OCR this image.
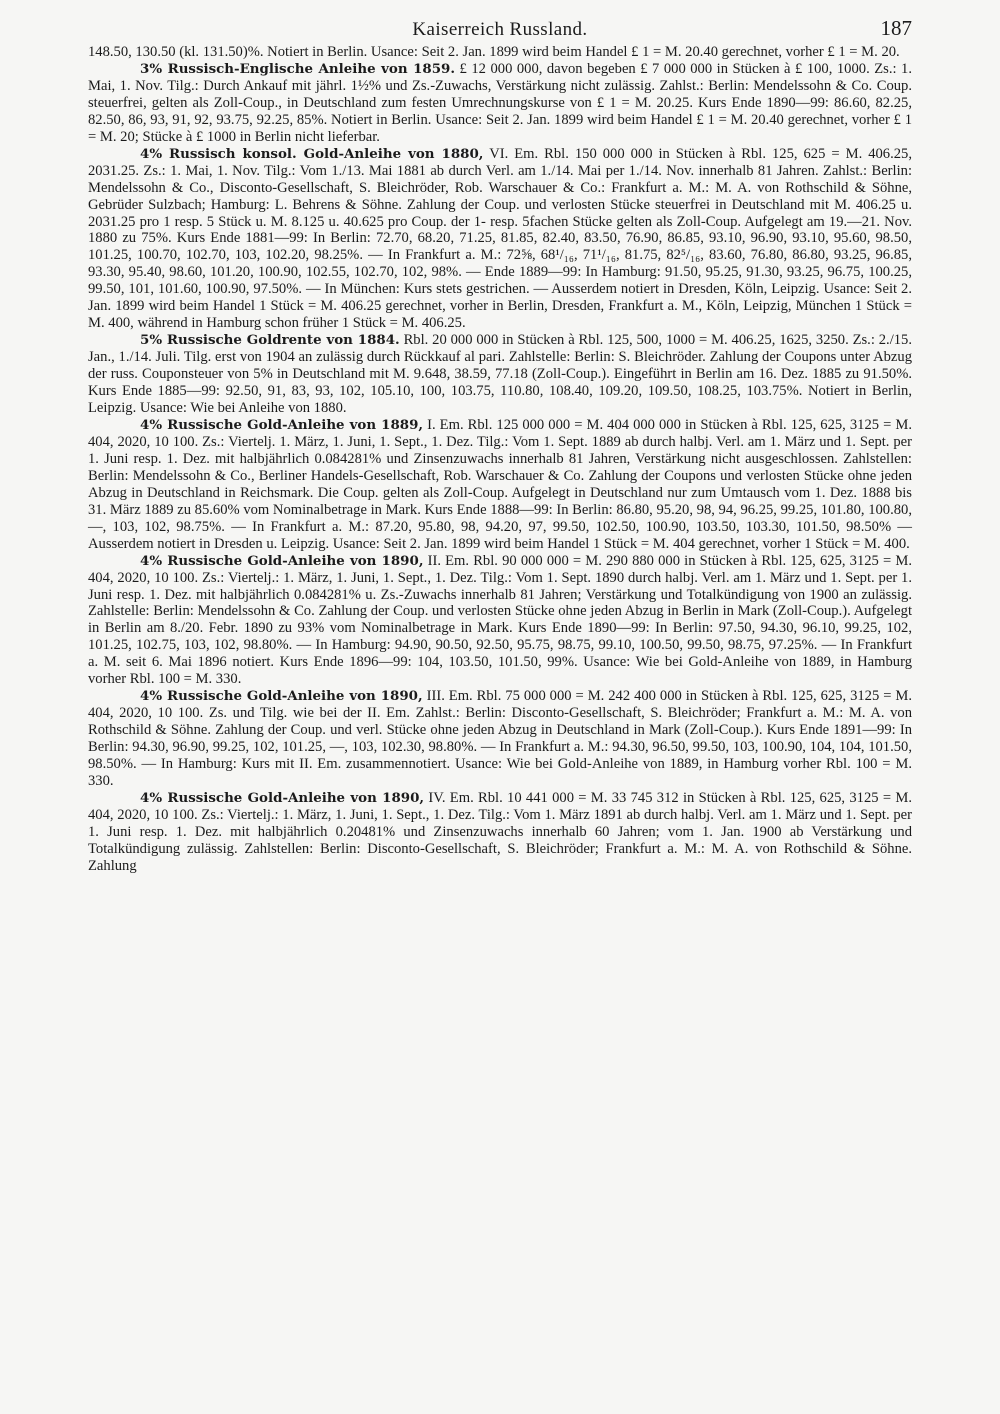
Kaiserreich Russland.	187

148.50, 130.50 (kl. 131.50)%. Notiert in Berlin. Usance: Seit 2. Jan. 1899 wird beim Handel £ 1 = M. 20.40 gerechnet, vorher £ 1 = M. 20.

3% Russisch-Englische Anleihe von 1859. £ 12 000 000, davon begeben £ 7 000 000 in Stücken à £ 100, 1000. Zs.: 1. Mai, 1. Nov. Tilg.: Durch Ankauf mit jährl. 1½% und Zs.-Zuwachs, Verstärkung nicht zulässig. Zahlst.: Berlin: Mendelssohn & Co. Coup. steuerfrei, gelten als Zoll-Coup., in Deutschland zum festen Umrechnungskurse von £ 1 = M. 20.25. Kurs Ende 1890—99: 86.60, 82.25, 82.50, 86, 93, 91, 92, 93.75, 92.25, 85%. Notiert in Berlin. Usance: Seit 2. Jan. 1899 wird beim Handel £ 1 = M. 20.40 gerechnet, vorher £ 1 = M. 20; Stücke à £ 1000 in Berlin nicht lieferbar.

4% Russisch konsol. Gold-Anleihe von 1880, VI. Em. Rbl. 150 000 000 in Stücken à Rbl. 125, 625 = M. 406.25, 2031.25. Zs.: 1. Mai, 1. Nov. Tilg.: Vom 1./13. Mai 1881 ab durch Verl. am 1./14. Mai per 1./14. Nov. innerhalb 81 Jahren. Zahlst.: Berlin: Mendelssohn & Co., Disconto-Gesellschaft, S. Bleichröder, Rob. Warschauer & Co.: Frankfurt a. M.: M. A. von Rothschild & Söhne, Gebrüder Sulzbach; Hamburg: L. Behrens & Söhne. Zahlung der Coup. und verlosten Stücke steuerfrei in Deutschland mit M. 406.25 u. 2031.25 pro 1 resp. 5 Stück u. M. 8.125 u. 40.625 pro Coup. der 1- resp. 5fachen Stücke gelten als Zoll-Coup. Aufgelegt am 19.—21. Nov. 1880 zu 75%. Kurs Ende 1881—99: In Berlin: 72.70, 68.20, 71.25, 81.85, 82.40, 83.50, 76.90, 86.85, 93.10, 96.90, 93.10, 95.60, 98.50, 101.25, 100.70, 102.70, 103, 102.20, 98.25%. — In Frankfurt a. M.: 72⅝, 68¹/₁₆, 71¹/₁₆, 81.75, 82⁵/₁₆, 83.60, 76.80, 86.80, 93.25, 96.85, 93.30, 95.40, 98.60, 101.20, 100.90, 102.55, 102.70, 102, 98%. — Ende 1889—99: In Hamburg: 91.50, 95.25, 91.30, 93.25, 96.75, 100.25, 99.50, 101, 101.60, 100.90, 97.50%. — In München: Kurs stets gestrichen. — Ausserdem notiert in Dresden, Köln, Leipzig. Usance: Seit 2. Jan. 1899 wird beim Handel 1 Stück = M. 406.25 gerechnet, vorher in Berlin, Dresden, Frankfurt a. M., Köln, Leipzig, München 1 Stück = M. 400, während in Hamburg schon früher 1 Stück = M. 406.25.

5% Russische Goldrente von 1884. Rbl. 20 000 000 in Stücken à Rbl. 125, 500, 1000 = M. 406.25, 1625, 3250. Zs.: 2./15. Jan., 1./14. Juli. Tilg. erst von 1904 an zulässig durch Rückkauf al pari. Zahlstelle: Berlin: S. Bleichröder. Zahlung der Coupons unter Abzug der russ. Couponsteuer von 5% in Deutschland mit M. 9.648, 38.59, 77.18 (Zoll-Coup.). Eingeführt in Berlin am 16. Dez. 1885 zu 91.50%. Kurs Ende 1885—99: 92.50, 91, 83, 93, 102, 105.10, 100, 103.75, 110.80, 108.40, 109.20, 109.50, 108.25, 103.75%. Notiert in Berlin, Leipzig. Usance: Wie bei Anleihe von 1880.

4% Russische Gold-Anleihe von 1889, I. Em. Rbl. 125 000 000 = M. 404 000 000 in Stücken à Rbl. 125, 625, 3125 = M. 404, 2020, 10 100. Zs.: Viertelj. 1. März, 1. Juni, 1. Sept., 1. Dez. Tilg.: Vom 1. Sept. 1889 ab durch halbj. Verl. am 1. März und 1. Sept. per 1. Juni resp. 1. Dez. mit halbjährlich 0.084281% und Zinsenzuwachs innerhalb 81 Jahren, Verstärkung nicht ausgeschlossen. Zahlstellen: Berlin: Mendelssohn & Co., Berliner Handels-Gesellschaft, Rob. Warschauer & Co. Zahlung der Coupons und verlosten Stücke ohne jeden Abzug in Deutschland in Reichsmark. Die Coup. gelten als Zoll-Coup. Aufgelegt in Deutschland nur zum Umtausch vom 1. Dez. 1888 bis 31. März 1889 zu 85.60% vom Nominalbetrage in Mark. Kurs Ende 1888—99: In Berlin: 86.80, 95.20, 98, 94, 96.25, 99.25, 101.80, 100.80, —, 103, 102, 98.75%. — In Frankfurt a. M.: 87.20, 95.80, 98, 94.20, 97, 99.50, 102.50, 100.90, 103.50, 103.30, 101.50, 98.50% — Ausserdem notiert in Dresden u. Leipzig. Usance: Seit 2. Jan. 1899 wird beim Handel 1 Stück = M. 404 gerechnet, vorher 1 Stück = M. 400.

4% Russische Gold-Anleihe von 1890, II. Em. Rbl. 90 000 000 = M. 290 880 000 in Stücken à Rbl. 125, 625, 3125 = M. 404, 2020, 10 100. Zs.: Viertelj.: 1. März, 1. Juni, 1. Sept., 1. Dez. Tilg.: Vom 1. Sept. 1890 durch halbj. Verl. am 1. März und 1. Sept. per 1. Juni resp. 1. Dez. mit halbjährlich 0.084281% u. Zs.-Zuwachs innerhalb 81 Jahren; Verstärkung und Totalkündigung von 1900 an zulässig. Zahlstelle: Berlin: Mendelssohn & Co. Zahlung der Coup. und verlosten Stücke ohne jeden Abzug in Berlin in Mark (Zoll-Coup.). Aufgelegt in Berlin am 8./20. Febr. 1890 zu 93% vom Nominalbetrage in Mark. Kurs Ende 1890—99: In Berlin: 97.50, 94.30, 96.10, 99.25, 102, 101.25, 102.75, 103, 102, 98.80%. — In Hamburg: 94.90, 90.50, 92.50, 95.75, 98.75, 99.10, 100.50, 99.50, 98.75, 97.25%. — In Frankfurt a. M. seit 6. Mai 1896 notiert. Kurs Ende 1896—99: 104, 103.50, 101.50, 99%. Usance: Wie bei Gold-Anleihe von 1889, in Hamburg vorher Rbl. 100 = M. 330.

4% Russische Gold-Anleihe von 1890, III. Em. Rbl. 75 000 000 = M. 242 400 000 in Stücken à Rbl. 125, 625, 3125 = M. 404, 2020, 10 100. Zs. und Tilg. wie bei der II. Em. Zahlst.: Berlin: Disconto-Gesellschaft, S. Bleichröder; Frankfurt a. M.: M. A. von Rothschild & Söhne. Zahlung der Coup. und verl. Stücke ohne jeden Abzug in Deutschland in Mark (Zoll-Coup.). Kurs Ende 1891—99: In Berlin: 94.30, 96.90, 99.25, 102, 101.25, —, 103, 102.30, 98.80%. — In Frankfurt a. M.: 94.30, 96.50, 99.50, 103, 100.90, 104, 104, 101.50, 98.50%. — In Hamburg: Kurs mit II. Em. zusammennotiert. Usance: Wie bei Gold-Anleihe von 1889, in Hamburg vorher Rbl. 100 = M. 330.

4% Russische Gold-Anleihe von 1890, IV. Em. Rbl. 10 441 000 = M. 33 745 312 in Stücken à Rbl. 125, 625, 3125 = M. 404, 2020, 10 100. Zs.: Viertelj.: 1. März, 1. Juni, 1. Sept., 1. Dez. Tilg.: Vom 1. März 1891 ab durch halbj. Verl. am 1. März und 1. Sept. per 1. Juni resp. 1. Dez. mit halbjährlich 0.20481% und Zinsenzuwachs innerhalb 60 Jahren; vom 1. Jan. 1900 ab Verstärkung und Totalkündigung zulässig. Zahlstellen: Berlin: Disconto-Gesellschaft, S. Bleichröder; Frankfurt a. M.: M. A. von Rothschild & Söhne. Zahlung
